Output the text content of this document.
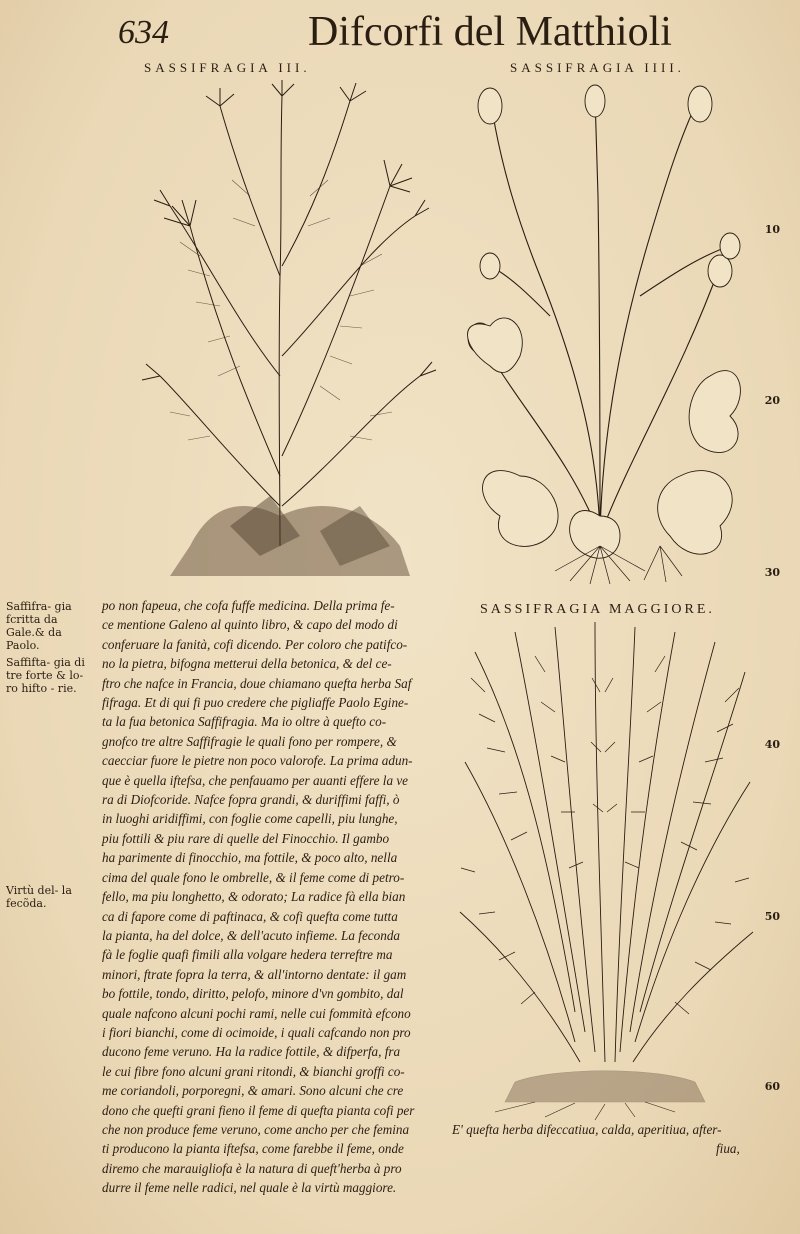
634	Difcorfi del Matthioli
SASSIFRAGIA III.	SASSIFRAGIA IIII.
SASSIFRAGIA MAGGIORE.
Saffifra- gia fcritta da Gale.& da Paolo.
Saffifta- gia di tre forte & lo- ro hifto - rie.
Virtù del- la fecõda.
10
20
30
40
50
60
po non fapeua, che cofa fuffe medicina. Della prima fe-
ce mentione Galeno al quinto libro, & capo del modo di
conferuare la fanità, cofi dicendo. Per coloro che patifco-
no la pietra, bifogna metterui della betonica, & del ce-
ftro che nafce in Francia, doue chiamano quefta herba Saf
fifraga. Et di qui fi puo credere che pigliaffe Paolo Egine-
ta la fua betonica Saffifragia. Ma io oltre à quefto co-
gnofco tre altre Saffifragie le quali fono per rompere, &
caecciar fuore le pietre non poco valorofe. La prima adun-
que è quella iftefsa, che penfauamo per auanti effere la ve
ra di Diofcoride. Nafce fopra grandi, & duriffimi faffi, ò
in luoghi aridiffimi, con foglie come capelli, piu lunghe,
piu fottili & piu rare di quelle del Finocchio. Il gambo
ha parimente di finocchio, ma fottile, & poco alto, nella
cima del quale fono le ombrelle, & il feme come di petro-
fello, ma piu longhetto, & odorato; La radice fà ella bian
ca di fapore come di paftinaca, & cofi quefta come tutta
la pianta, ha del dolce, & dell'acuto infieme. La feconda
fà le foglie quafi fimili alla volgare hedera terreftre ma
minori, ftrate fopra la terra, & all'intorno dentate: il gam
bo fottile, tondo, diritto, pelofo, minore d'vn gombito, dal
quale nafcono alcuni pochi rami, nelle cui fommità efcono
i fiori bianchi, come di ocimoide, i quali cafcando non pro
ducono feme veruno. Ha la radice fottile, & difperfa, fra
le cui fibre fono alcuni grani ritondi, & bianchi groffi co-
me coriandoli, porporegni, & amari. Sono alcuni che cre
dono che quefti grani fieno il feme di quefta pianta cofi per
che non produce feme veruno, come ancho per che femina
ti producono la pianta iftefsa, come farebbe il feme, onde
diremo che marauigliofa è la natura di queft'herba à pro
durre il feme nelle radici, nel quale è la virtù maggiore.
E' quefta herba difeccatiua, calda, aperitiua, after-
fiua,
